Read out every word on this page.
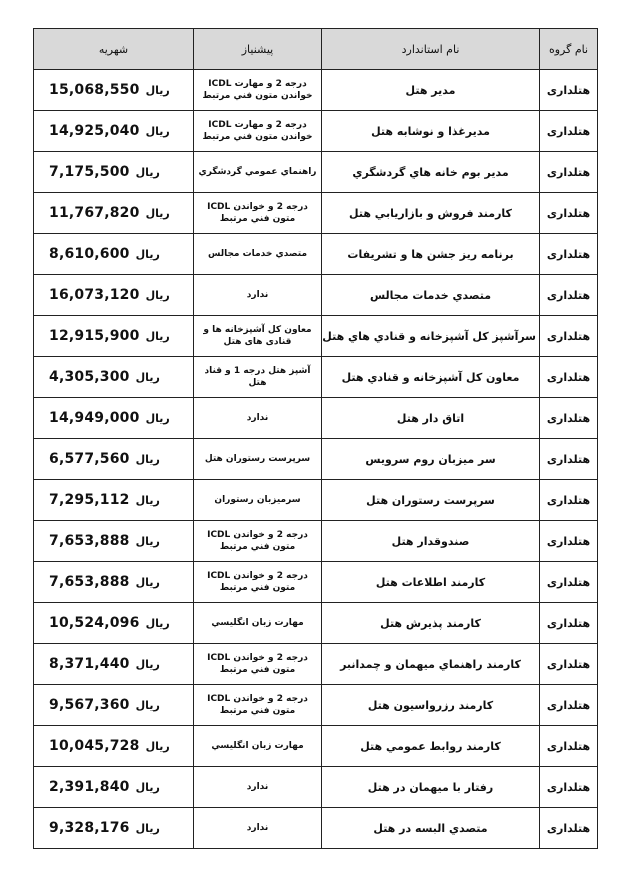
نام گروه	نام استاندارد	پیشنیاز	شهریه
هتلداری	مدیر هتل	درجه 2 و مهارت ICDL خواندن متون فني مرتبط	15,068,550 ریال

هتلداری	مدیرغذا و نوشابه هتل	درجه 2 و مهارت ICDL خواندن متون فني مرتبط	14,925,040 ریال

هتلداری	مدیر بوم خانه هاي گردشگري	راهنماي عمومي گردشگري	7,175,500 ریال

هتلداری	کارمند فروش و بازاريابي هتل	درجه 2 و خواندن ICDL متون فني مرتبط	11,767,820 ریال

هتلداری	برنامه ريز جشن ها و تشريفات	متصدي خدمات مجالس	8,610,600 ریال

هتلداری	متصدي خدمات مجالس	ندارد	16,073,120 ریال

هتلداری	سرآشپز کل آشپزخانه و قنادي هاي هتل	معاون کل آشپزخانه ها و قنادی های هتل	12,915,900 ریال

هتلداری	معاون کل آشپزخانه و قنادي هتل	آشپز هتل درجه 1 و قناد هتل	4,305,300 ریال

هتلداری	اتاق دار هتل	ندارد	14,949,000 ریال

هتلداری	سر میزبان روم سرويس	سرپرست رستوران هتل	6,577,560 ریال

هتلداری	سرپرست رستوران هتل	سرميزبان رستوران	7,295,112 ریال

هتلداری	صندوقدار هتل	درجه 2 و خواندن ICDL متون فني مرتبط	7,653,888 ریال

هتلداری	کارمند اطلاعات هتل	درجه 2 و خواندن ICDL متون فني مرتبط	7,653,888 ریال

هتلداری	کارمند پذيرش هتل	مهارت زبان انگليسي	10,524,096 ریال

هتلداری	کارمند راهنماي ميهمان و چمدانبر	درجه 2 و خواندن ICDL متون فني مرتبط	8,371,440 ریال

هتلداری	کارمند رزرواسيون هتل	درجه 2 و خواندن ICDL متون فني مرتبط	9,567,360 ریال

هتلداری	کارمند روابط عمومي هتل	مهارت زبان انگليسي	10,045,728 ریال

هتلداری	رفتار با ميهمان در هتل	ندارد	2,391,840 ریال

هتلداری	متصدي البسه در هتل	ندارد	9,328,176 ریال
